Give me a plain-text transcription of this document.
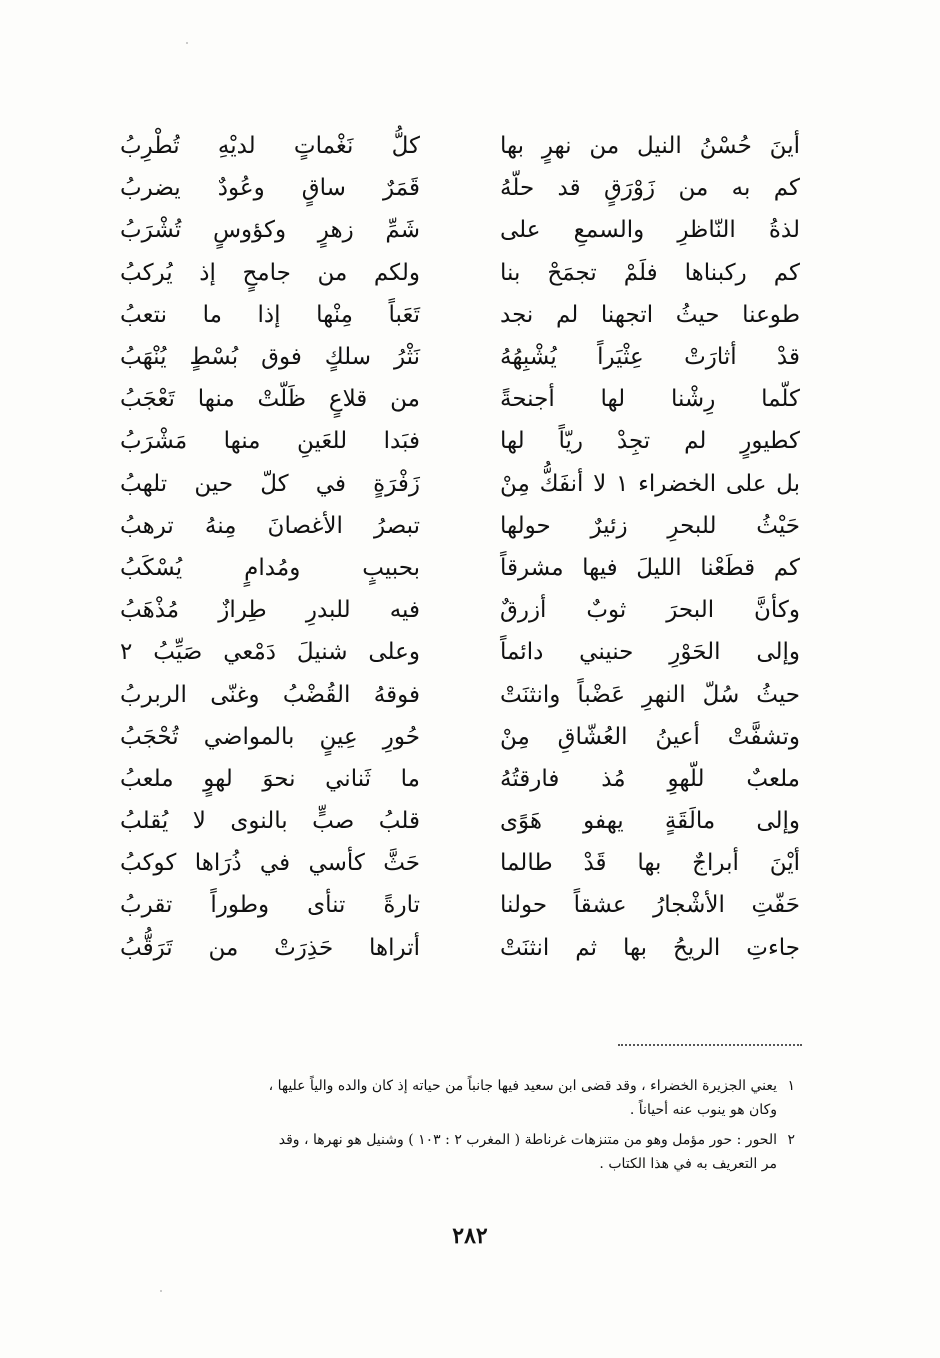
أينَ حُسْنُ النيل من نهرٍ بها
كلُّ نَغْماتٍ لديْهِ تُطْرِبُ
كم به من زَوْرَقٍ قد حلّهُ
قَمَرٌ ساقٍ وعُودٌ يضربُ
لذةُ النّاظرِ والسمعِ على
شَمِّ زهرٍ وكؤوسٍ تُشْرَبُ
كم ركبناها فلَمْ تجمَحْ بنا
ولكم من جامحٍ إذ يُركبُ
طوعنا حيثُ اتجهنا لم نجد
تَعَباً مِنْها إذا ما نتعبُ
قدْ أثارَتْ عِثْيَراً يُشْبِهُهُ
نَثْرُ سلكٍ فوق بُسْطٍ يُنْهَبُ
كلّما رِشْنا لها أجنحةً
من قلاعٍ ظَلّتْ منها تَعْجَبُ
كطيورٍ لم تجِدْ ريّاً لها
فبَدا للعَينِ منها مَشْرَبُ
بل على الخضراء ١ لا أنفَكُّ مِنْ
زَفْرَةٍ في كلّ حين تلهبُ
حَيْثُ للبحرِ زئيرٌ حولها
تبصرُ الأغصانَ مِنهُ ترهبُ
كم قطَعْنا الليلَ فيها مشرقاً
بحبيبٍ ومُدامٍ يُسْكَبُ
وكأنَّ البحرَ ثوبٌ أزرقٌ
فيه للبدرِ طِرازٌ مُذْهَبُ
وإلى الحَوْرِ حنيني دائماً
وعلى شنيلَ دَمْعي صَيِّبُ ٢
حيثُ سُلّ النهرِ عَضْباً وانثنَتْ
فوقهُ القُضْبُ وغنّى الربربُ
وتشفَّتْ أعينُ العُشّاقِ مِنْ
حُورِ عِينٍ بالمواضي تُحْجَبُ
ملعبٌ للّهوِ مُذ فارقتُهُ
ما ثَناني نحوَ لهوٍ ملعبُ
وإلى مالَقَةٍ يهفو هَوًى
قلبُ صبٍّ بالنوى لا يُقلبُ
أيْنَ أبراجٌ بها قَدْ طالما
حَثَّ كأسي في ذُرَاها كوكبُ
حَفّتِ الأشْجارُ عشقاً حولنا
تارةً تنأى وطوراً تقربُ
جاءتِ الريحُ بها ثم انثنَتْ
أتراها حَذِرَتْ من تَرَقُّبُ
١يعني الجزيرة الخضراء ، وقد قضى ابن سعيد فيها جانباً من حياته إذ كان والده والياً عليها ،
وكان هو ينوب عنه أحياناً .
٢الحور : حور مؤمل وهو من متنزهات غرناطة ( المغرب ٢ : ١٠٣ ) وشنيل هو نهرها ، وقد
مر التعريف به في هذا الكتاب .
٢٨٢
